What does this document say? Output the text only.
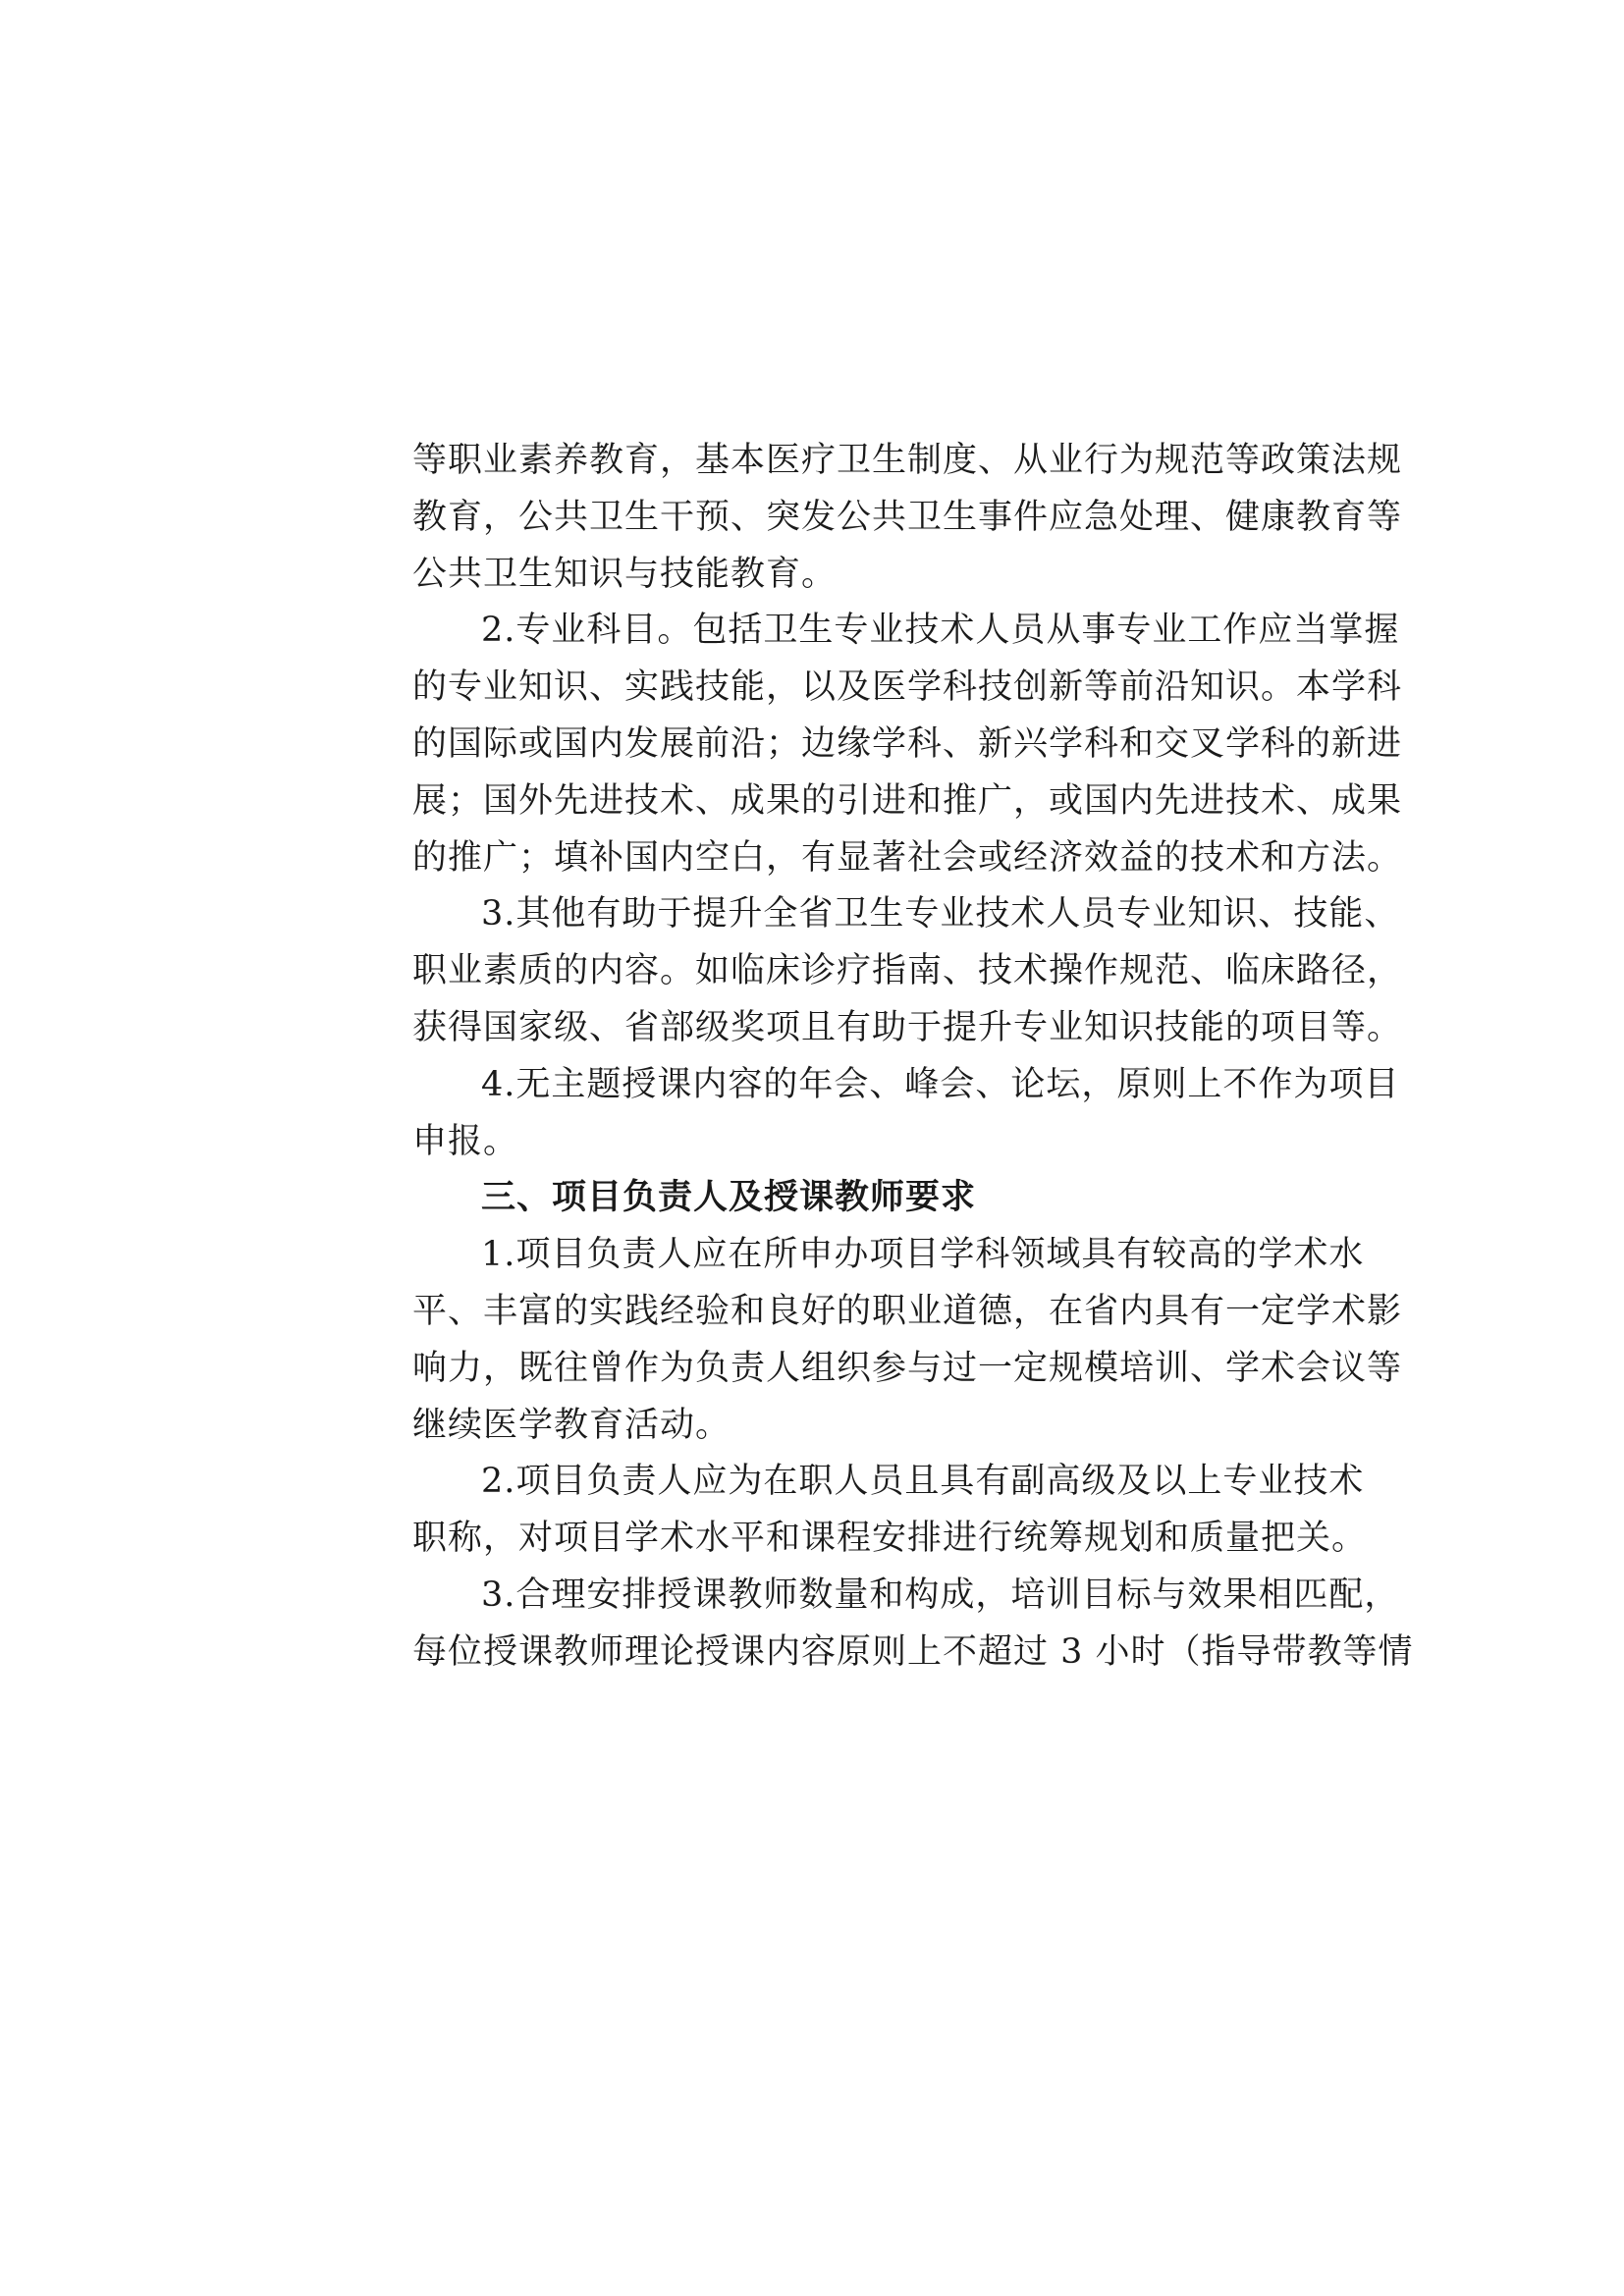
等职业素养教育，基本医疗卫生制度、从业行为规范等政策法规
教育，公共卫生干预、突发公共卫生事件应急处理、健康教育等
公共卫生知识与技能教育。
2.专业科目。包括卫生专业技术人员从事专业工作应当掌握
的专业知识、实践技能，以及医学科技创新等前沿知识。本学科
的国际或国内发展前沿；边缘学科、新兴学科和交叉学科的新进
展；国外先进技术、成果的引进和推广，或国内先进技术、成果
的推广；填补国内空白，有显著社会或经济效益的技术和方法。
3.其他有助于提升全省卫生专业技术人员专业知识、技能、
职业素质的内容。如临床诊疗指南、技术操作规范、临床路径，
获得国家级、省部级奖项且有助于提升专业知识技能的项目等。
4.无主题授课内容的年会、峰会、论坛，原则上不作为项目
申报。
三、项目负责人及授课教师要求
1.项目负责人应在所申办项目学科领域具有较高的学术水
平、丰富的实践经验和良好的职业道德，在省内具有一定学术影
响力，既往曾作为负责人组织参与过一定规模培训、学术会议等
继续医学教育活动。
2.项目负责人应为在职人员且具有副高级及以上专业技术
职称，对项目学术水平和课程安排进行统筹规划和质量把关。
3.合理安排授课教师数量和构成，培训目标与效果相匹配，
每位授课教师理论授课内容原则上不超过 3 小时（指导带教等情
